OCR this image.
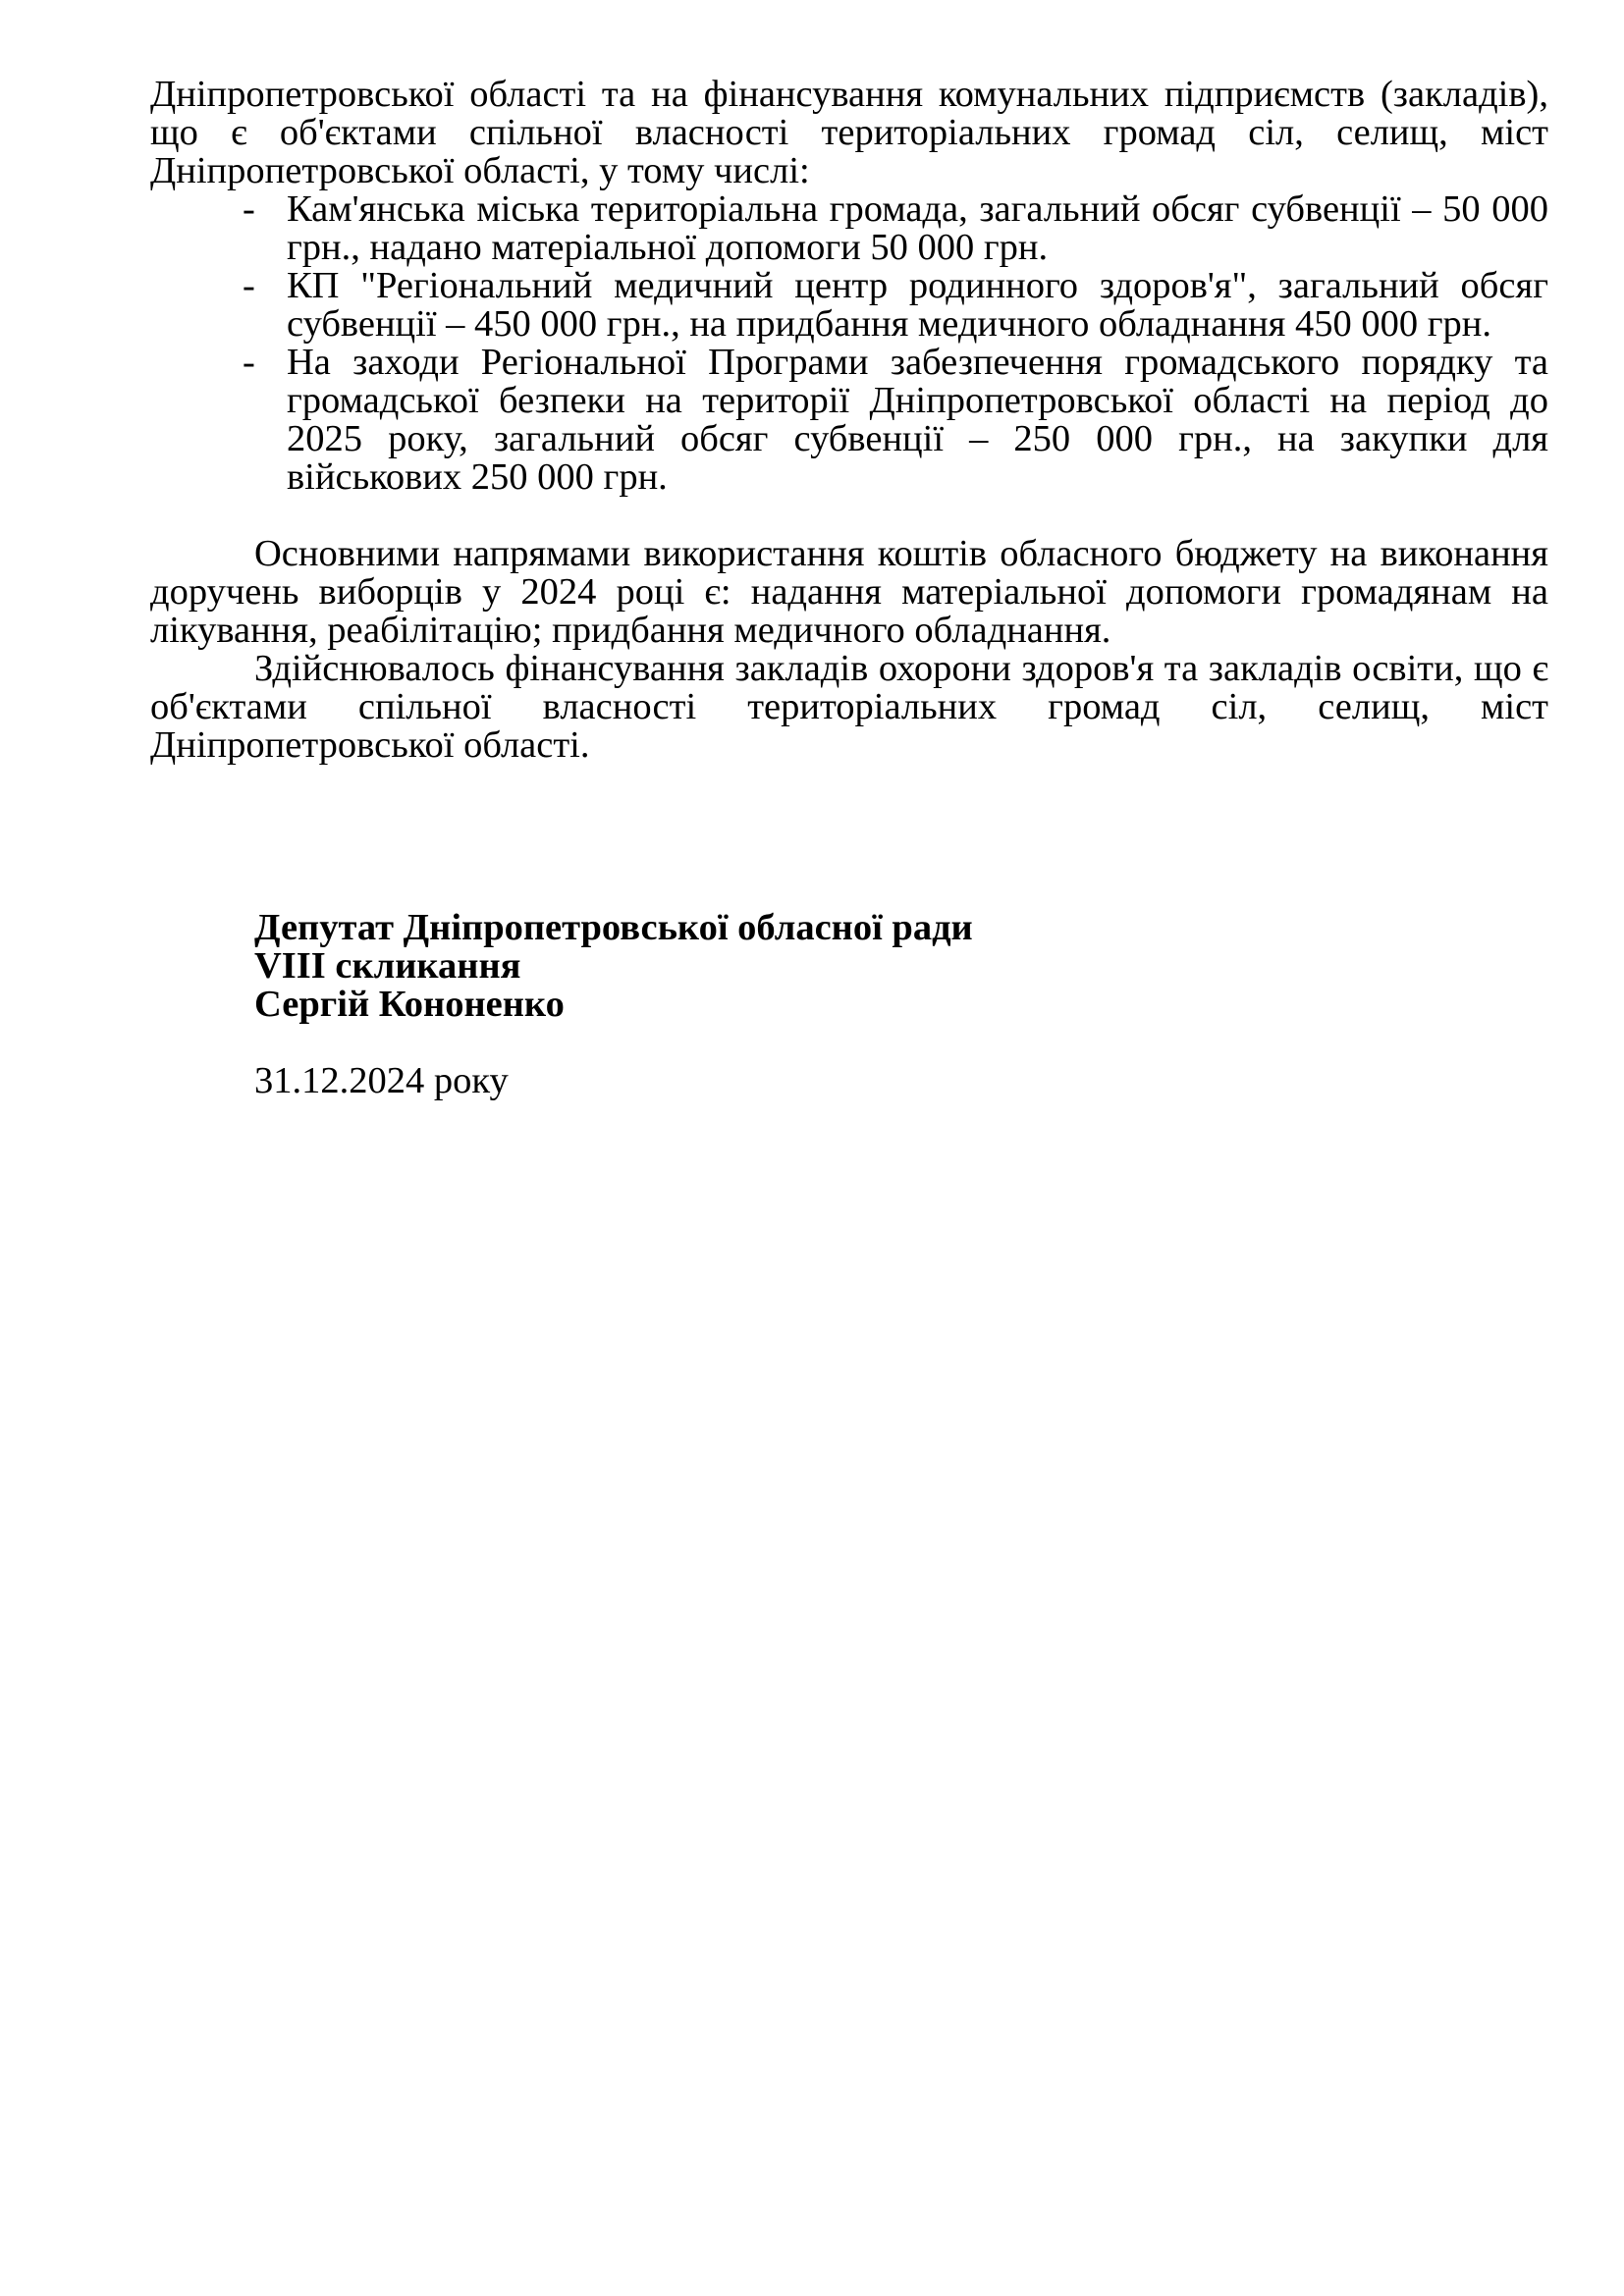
Дніпропетровської області та на фінансування комунальних підприємств (закладів), що є об'єктами спільної власності територіальних громад сіл, селищ, міст Дніпропетровської області, у тому числі:

- Кам'янська міська територіальна громада, загальний обсяг субвенції – 50 000 грн., надано матеріальної допомоги 50 000 грн.
- КП "Регіональний медичний центр родинного здоров'я", загальний обсяг субвенції – 450 000 грн., на придбання медичного обладнання 450 000 грн.
- На заходи Регіональної Програми забезпечення громадського порядку та громадської безпеки на території Дніпропетровської області на період до 2025 року, загальний обсяг субвенції – 250 000 грн., на закупки для військових 250 000 грн.

Основними напрямами використання коштів обласного бюджету на виконання доручень виборців у 2024 році є: надання матеріальної допомоги громадянам на лікування, реабілітацію; придбання медичного обладнання.

Здійснювалось фінансування закладів охорони здоров'я та закладів освіти, що є об'єктами спільної власності територіальних громад сіл, селищ, міст Дніпропетровської області.

Депутат Дніпропетровської обласної ради

VIII скликання

Сергій Кононенко

31.12.2024 року
